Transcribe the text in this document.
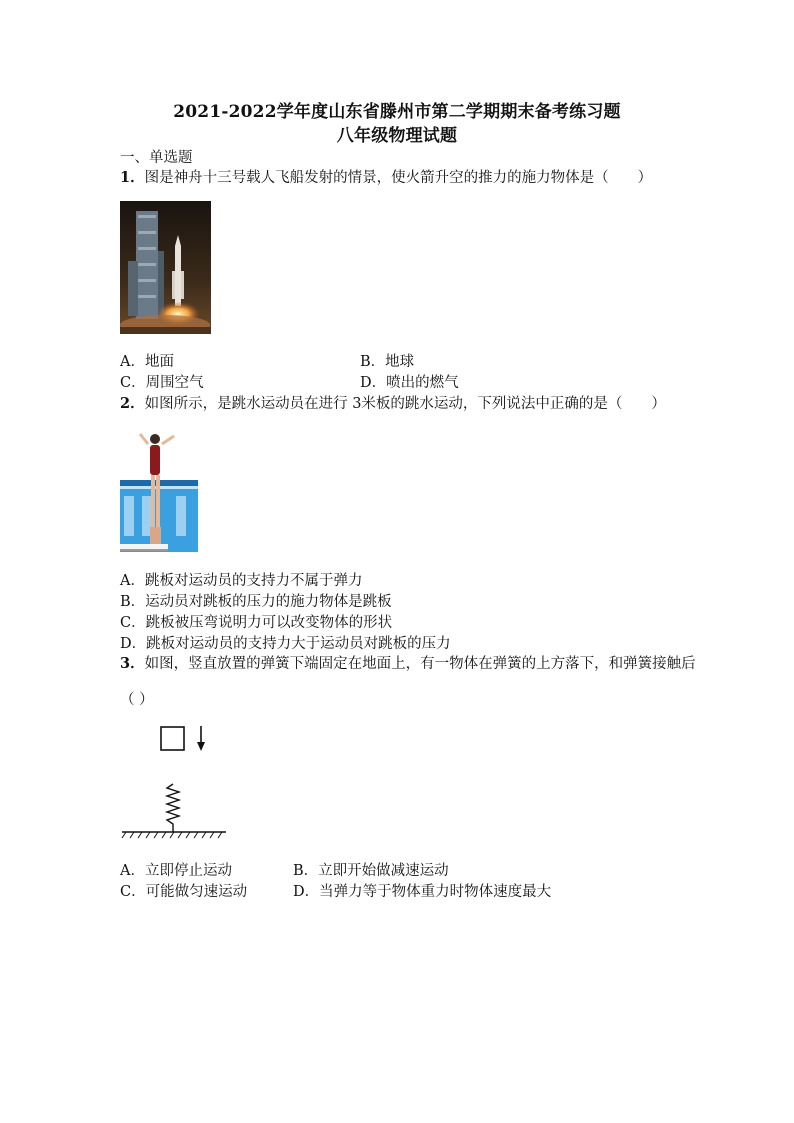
2021-2022学年度山东省滕州市第二学期期末备考练习题
八年级物理试题
一、单选题
1．图是神舟十三号载人飞船发射的情景，使火箭升空的推力的施力物体是（　　）
A．地面	B．地球
C．周围空气	D．喷出的燃气
2．如图所示，是跳水运动员在进行 3米板的跳水运动，下列说法中正确的是（　　）
A．跳板对运动员的支持力不属于弹力
B．运动员对跳板的压力的施力物体是跳板
C．跳板被压弯说明力可以改变物体的形状
D．跳板对运动员的支持力大于运动员对跳板的压力
3．如图，竖直放置的弹簧下端固定在地面上，有一物体在弹簧的上方落下，和弹簧接触后
（ ）
A．立即停止运动	B．立即开始做减速运动
C．可能做匀速运动	D．当弹力等于物体重力时物体速度最大
